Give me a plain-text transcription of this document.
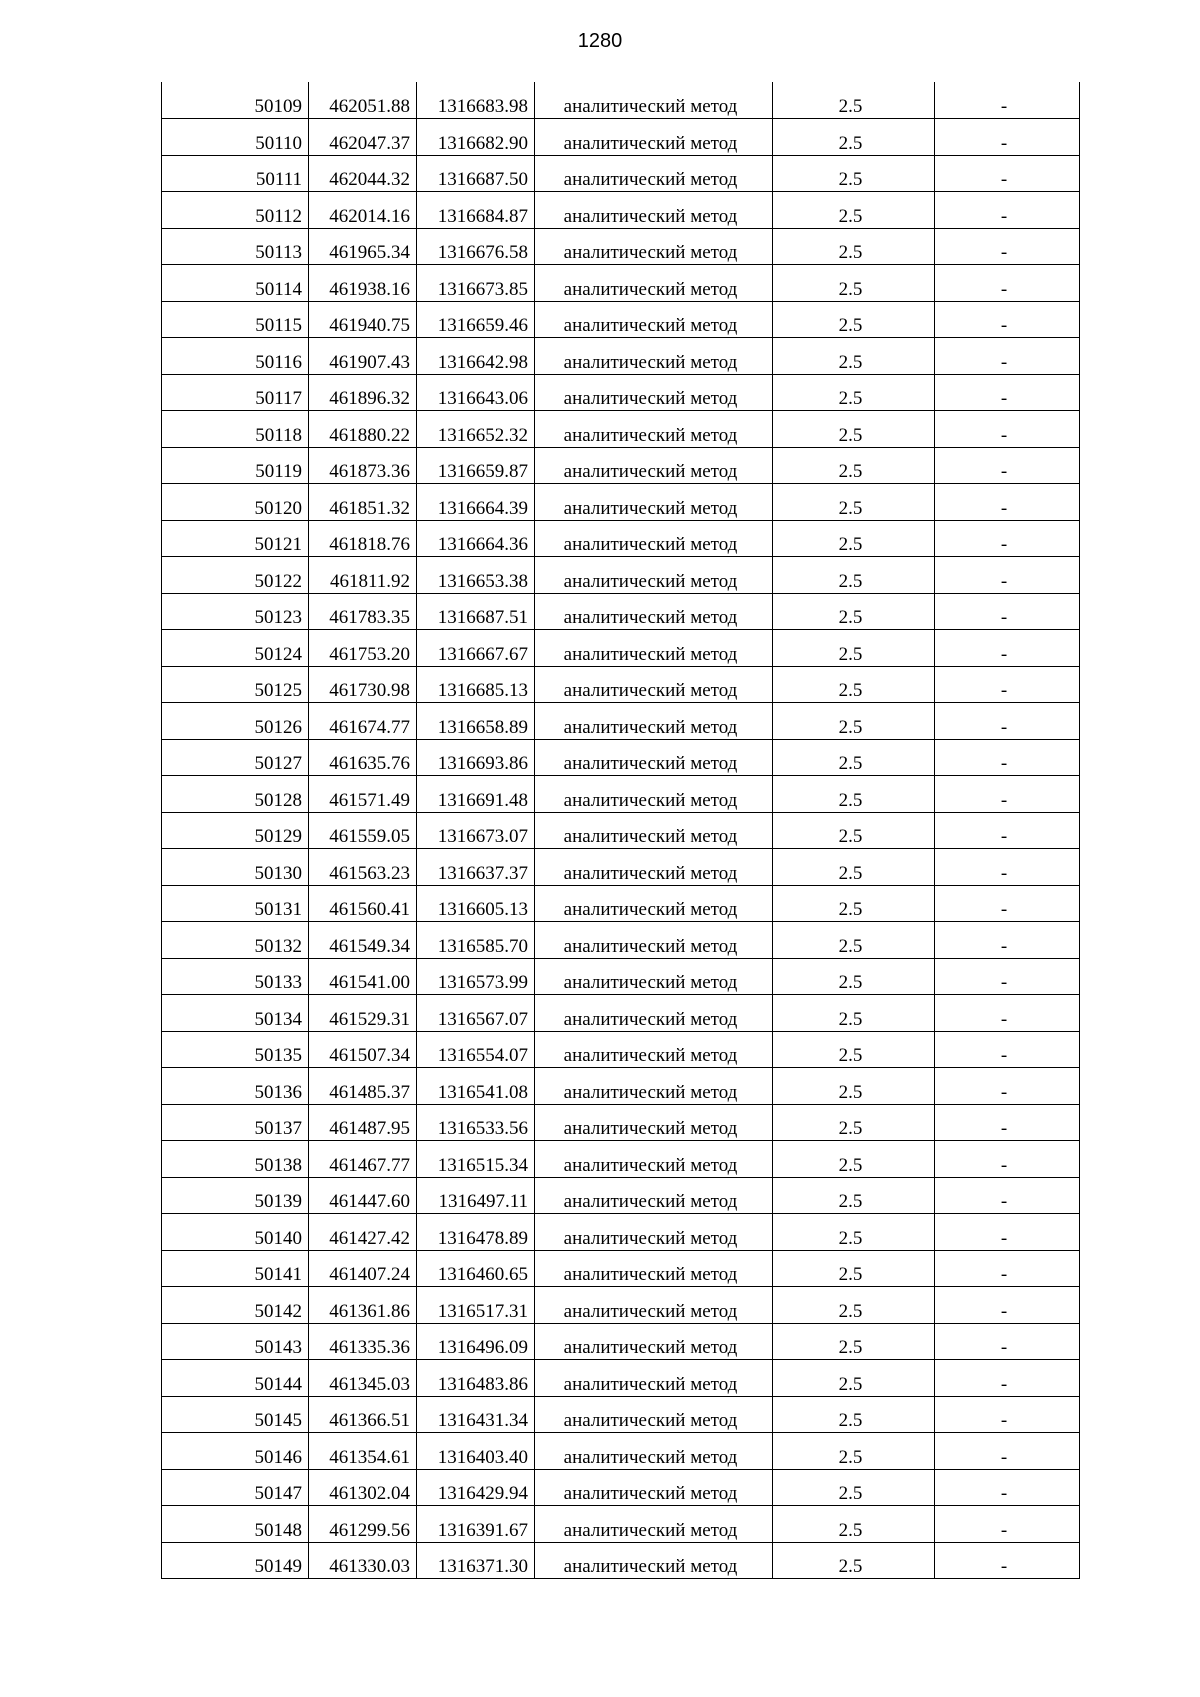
1280
50109	462051.88	1316683.98	аналитический метод	2.5	-
50110	462047.37	1316682.90	аналитический метод	2.5	-
50111	462044.32	1316687.50	аналитический метод	2.5	-
50112	462014.16	1316684.87	аналитический метод	2.5	-
50113	461965.34	1316676.58	аналитический метод	2.5	-
50114	461938.16	1316673.85	аналитический метод	2.5	-
50115	461940.75	1316659.46	аналитический метод	2.5	-
50116	461907.43	1316642.98	аналитический метод	2.5	-
50117	461896.32	1316643.06	аналитический метод	2.5	-
50118	461880.22	1316652.32	аналитический метод	2.5	-
50119	461873.36	1316659.87	аналитический метод	2.5	-
50120	461851.32	1316664.39	аналитический метод	2.5	-
50121	461818.76	1316664.36	аналитический метод	2.5	-
50122	461811.92	1316653.38	аналитический метод	2.5	-
50123	461783.35	1316687.51	аналитический метод	2.5	-
50124	461753.20	1316667.67	аналитический метод	2.5	-
50125	461730.98	1316685.13	аналитический метод	2.5	-
50126	461674.77	1316658.89	аналитический метод	2.5	-
50127	461635.76	1316693.86	аналитический метод	2.5	-
50128	461571.49	1316691.48	аналитический метод	2.5	-
50129	461559.05	1316673.07	аналитический метод	2.5	-
50130	461563.23	1316637.37	аналитический метод	2.5	-
50131	461560.41	1316605.13	аналитический метод	2.5	-
50132	461549.34	1316585.70	аналитический метод	2.5	-
50133	461541.00	1316573.99	аналитический метод	2.5	-
50134	461529.31	1316567.07	аналитический метод	2.5	-
50135	461507.34	1316554.07	аналитический метод	2.5	-
50136	461485.37	1316541.08	аналитический метод	2.5	-
50137	461487.95	1316533.56	аналитический метод	2.5	-
50138	461467.77	1316515.34	аналитический метод	2.5	-
50139	461447.60	1316497.11	аналитический метод	2.5	-
50140	461427.42	1316478.89	аналитический метод	2.5	-
50141	461407.24	1316460.65	аналитический метод	2.5	-
50142	461361.86	1316517.31	аналитический метод	2.5	-
50143	461335.36	1316496.09	аналитический метод	2.5	-
50144	461345.03	1316483.86	аналитический метод	2.5	-
50145	461366.51	1316431.34	аналитический метод	2.5	-
50146	461354.61	1316403.40	аналитический метод	2.5	-
50147	461302.04	1316429.94	аналитический метод	2.5	-
50148	461299.56	1316391.67	аналитический метод	2.5	-
50149	461330.03	1316371.30	аналитический метод	2.5	-
